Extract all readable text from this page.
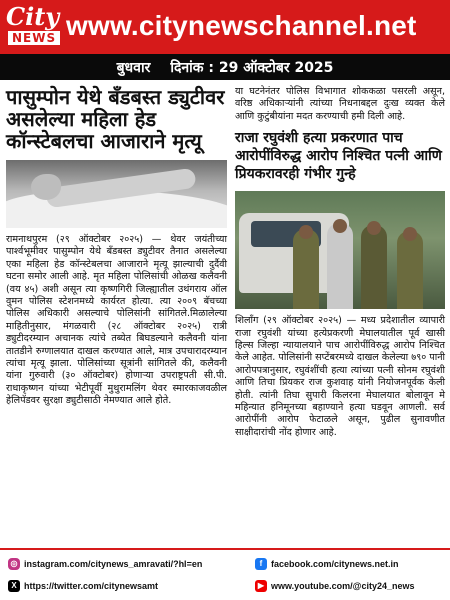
City
NEWS www.citynewschannel.net
बुधवार दिनांक : 29 ऑक्टोबर 2025
पासुम्पोन येथे बँडबस्त ड्युटीवर असलेल्या महिला हेड कॉन्स्टेबलचा आजाराने मृत्यू
रामनाथपुरम (२९ ऑक्टोबर २०२५) — थेवर जयंतीच्या पार्श्वभूमीवर पासुम्पोन येथे बँडबस्त ड्युटीवर तैनात असलेल्या एका महिला हेड कॉन्स्टेबलचा आजाराने मृत्यू झाल्याची दुर्दैवी घटना समोर आली आहे. मृत महिला पोलिसांची ओळख कलैवनी (वय ४५) अशी असून त्या कृष्णगिरी जिल्ह्यातील उथंगराय ऑल वुमन पोलिस स्टेशनमध्ये कार्यरत होत्या. त्या २००९ बॅचच्या पोलिस अधिकारी असल्याचे पोलिसांनी सांगितले.मिळालेल्या माहितीनुसार, मंगळवारी (२८ ऑक्टोबर २०२५) रात्री ड्युटीदरम्यान अचानक त्यांचे तब्येत बिघडल्याने कलैवनी यांना तातडीने रुग्णालयात दाखल करण्यात आले, मात्र उपचारादरम्यान त्यांचा मृत्यू झाला. पोलिसांच्या सूत्रांनी सांगितले की, कलैवनी यांना गुरुवारी (३० ऑक्टोबर) होणाऱ्या उपराष्ट्रपती सी.पी. राधाकृष्णन यांच्या भेटीपूर्वी मुथुरामलिंग थेवर स्मारकाजवळील हेलिपॅडवर सुरक्षा ड्युटीसाठी नेमण्यात आले होते.
या घटनेनंतर पोलिस विभागात शोककळा पसरली असून, वरिष्ठ अधिकाऱ्यांनी त्यांच्या निधनाबद्दल दुःख व्यक्त केले आणि कुटुंबीयांना मदत करण्याची हमी दिली आहे.
राजा रघुवंशी हत्या प्रकरणात पाच आरोपींविरुद्ध आरोप निश्चित पत्नी आणि प्रियकरावरही गंभीर गुन्हे
शिलाँग (२९ ऑक्टोबर २०२५) — मध्य प्रदेशातील व्यापारी राजा रघुवंशी यांच्या हत्येप्रकरणी मेघालयातील पूर्व खासी हिल्स जिल्हा न्यायालयाने पाच आरोपींविरुद्ध आरोप निश्चित केले आहेत. पोलिसांनी सप्टेंबरमध्ये दाखल केलेल्या ७९० पानी आरोपपत्रानुसार, रघुवंशींची हत्या त्यांच्या पत्नी सोनम रघुवंशी आणि तिचा प्रियकर राज कुशवाह यांनी नियोजनपूर्वक केली होती. त्यांनी तिघा सुपारी किलरना मेघालयात बोलावून मे महिन्यात हनिमूनच्या बहाण्याने हत्या घडवून आणली. सर्व आरोपींनी आरोप फेटाळले असून, पुढील सुनावणीत साक्षीदारांची नोंद होणार आहे.
◎ instagram.com/citynews_amravati/?hl=en	f facebook.com/citynews.net.in
X https://twitter.com/citynewsamt	▶ www.youtube.com/@city24_news
